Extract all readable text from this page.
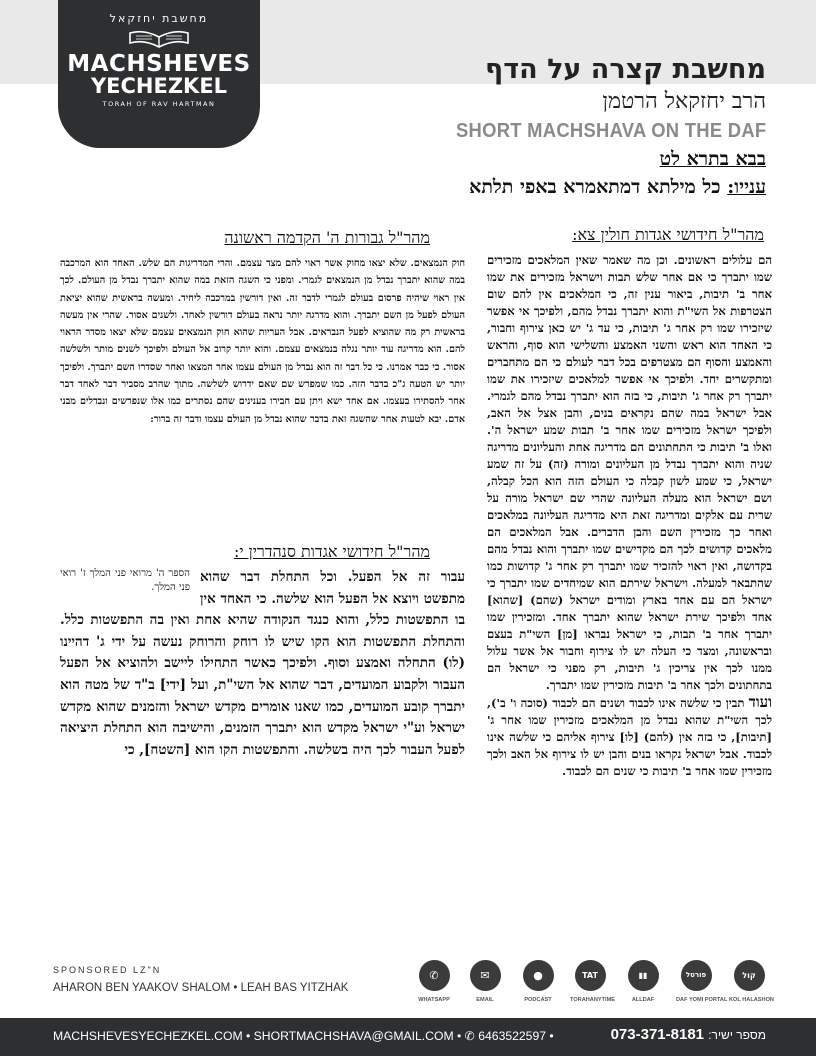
מחשבת יחזקאל
MACHSHEVES
YECHEZKEL
TORAH OF RAV HARTMAN
מחשבת קצרה על הדף
הרב יחזקאל הרטמן
SHORT MACHSHAVA ON THE DAF
בבא בתרא לט
ענייו: כל מילתא דמתאמרא באפי תלתא
מהר"ל חידושי אגדות חולין צא:
הם עלולים ראשונים. וכן מה שאמר שאין המלאכים מזכירים שמו יתברך כי אם אחר שלש תבות וישראל מזכירים את שמו אחר ב' תיבות, ביאור ענין זה, כי המלאכים אין להם שום הצטרפות אל השי"ת והוא יתברך נבדל מהם, ולפיכך אי אפשר שיזכירו שמו רק אחר ג' תיבות, כי עד ג' יש כאן צירוף וחבור, כי האחד הוא ראש והשני האמצע והשלישי הוא סוף, והראש והאמצע והסוף הם מצטרפים בכל דבר לעולם כי הם מתחברים ומתקשרים יחד. ולפיכך אי אפשר למלאכים שיזכירו את שמו יתברך רק אחר ג' תיבות, כי בזה הוא יתברך נבדל מהם לגמרי. אבל ישראל במה שהם נקראים בנים, והבן אצל אל האב, ולפיכך ישראל מזכירים שמו אחר ב' תבות שמע ישראל ה'. ואלו ב' תיבות כי התחתונים הם מדריגה אחת והעליונים מדריגה שניה והוא יתברך נבדל מן העליונים ומורה (זה) על זה שמע ישראל, כי שמע לשון קבלה כי העולם הזה הוא הכל קבלה, ושם ישראל הוא מעלה העליונה שהרי שם ישראל מורה על שרית עם אלקים ומדריגה זאת היא מדריגה העליונה במלאכים ואחר כך מזכירין השם והבן הדברים. אבל המלאכים הם מלאכים קדושים לכך הם מקדישים שמו יתברך והוא נבדל מהם בקדושה, ואין ראוי להזכיר שמו יתברך רק אחר ג' קדושות כמו שהתבאר למעלה. וישראל שירתם הוא שמיחדים שמו יתברך כי ישראל הם עם אחד בארץ ומודים ישראל (שהם) [שהוא] אחד ולפיכך שירת ישראל שהוא יתברך אחד. ומזכירין שמו יתברך אחר ב' תבות, כי ישראל נבראו [מן] השי"ת בעצם ובראשונה, ומצד כי העלה יש לו צירוף וחבור אל אשר עלול ממנו לכך אין צריכין ג' תיבות, רק מפני כי ישראל הם בתחתונים ולכך אחר ב' תיבות מזכירין שמו יתברך.
ועוד תבין כי שלשה אינו לכבוד ושנים הם לכבוד (סוכה ו' ב'), לכך השי"ת שהוא נבדל מן המלאכים מזכירין שמו אחר ג' [תיבות], כי בזה אין (להם) [לו] צירוף אליהם כי שלשה אינו לכבוד. אבל ישראל נקראו בנים והבן יש לו צירוף אל האב ולכך מזכירין שמו אחר ב' תיבות כי שנים הם לכבוד.
מהר"ל גבורות ה' הקדמה ראשונה
חוק הנמצאים. שלא יצאו מחוק אשר ראוי להם מצד עצמם. והרי המדריגות הם שלש. האחד הוא המרכבה במה שהוא יתברך נבדל מן הנמצאים לגמרי. ומפני כי השגה הזאת במה שהוא יתברך נבדל מן העולם. לכך אין ראוי שיהיה פרסום בעולם לגמרי לדבר זה. ואין דורשין במרכבה ליחיד. ומעשה בראשית שהוא יציאת העולם לפעל מן השם יתברך. והוא מדרגה יותר נראה בעולם דורשין לאחד. ולשנים אסור. שהרי אין מעשה בראשית רק מה שהוציא לפעל הנבראים. אבל העריות שהוא חוק הנמצאים עצמם שלא יצאו מסדר הראוי להם. הוא מדריגה עוד יותר נגלה בנמצאים עצמם. והוא יותר קרוב אל העולם ולפיכך לשנים מותר ולשלשה אסור. כי כבר אמרנו. כי כל דבר זה הוא נבדל מן העולם עצמו אחר המצאו ואחר שסדרו השם יתברך. ולפיכך יותר יש הטעה ג"כ בדבר הזה. כמו שמפרש שם שאם ידרוש לשלשה. מתוך שהרב מסביר דבר לאחד דבר אחר להסתירו בעצמו. אם אחד ישא ויתן עם חבירו בענינים שהם נסתרים כמו אלו שנפרשים ונבדלים מבני אדם. יבא לטעות אחר שהשגה זאת בדבר שהוא נבדל מן העולם עצמו ודבר זה ברור:
מהר"ל חידושי אגדות סנהדרין י:
הספר ה' מרואי פני המלך ז' רואי פני המלך.
עבור זה אל הפעל. וכל התחלת דבר שהוא מתפשט ויוצא אל הפעל הוא שלשה. כי האחד אין בו התפשטות כלל, והוא כנגד הנקודה שהיא אחת ואין בה התפשטות כלל. והתחלת התפשטות הוא הקו שיש לו רוחק והרוחק נעשה על ידי ג' דהיינו (לו) התחלה ואמצע וסוף. ולפיכך כאשר התחילו ליישב ולהוציא אל הפעל העבור ולקבוע המועדים, דבר שהוא אל השי"ת, ועל [ידי] ב"ד של מטה הוא יתברך קובע המועדים, כמו שאנו אומרים מקדש ישראל והזמנים שהוא מקדש ישראל וע"י ישראל מקדש הוא יתברך הזמנים, והישיבה הוא התחלת היציאה לפעל העבור לכך היה בשלשה. והתפשטות הקו הוא [השטח], כי
SPONSORED LZ"N
AHARON BEN YAAKOV SHALOM • LEAH BAS YITZHAK
✆
WHATSAPP
✉
EMAIL
●
PODCAST
TAT
TORAHANYTIME
▮▮
ALLDAF
פורטל
DAF YOMI PORTAL
קול
KOL HALASHON
MACHSHEVESYECHEZKEL.COM • SHORTMACHSHAVA@GMAIL.COM • ✆ 6463522597 •	073-371-8181 :מספר ישיר
